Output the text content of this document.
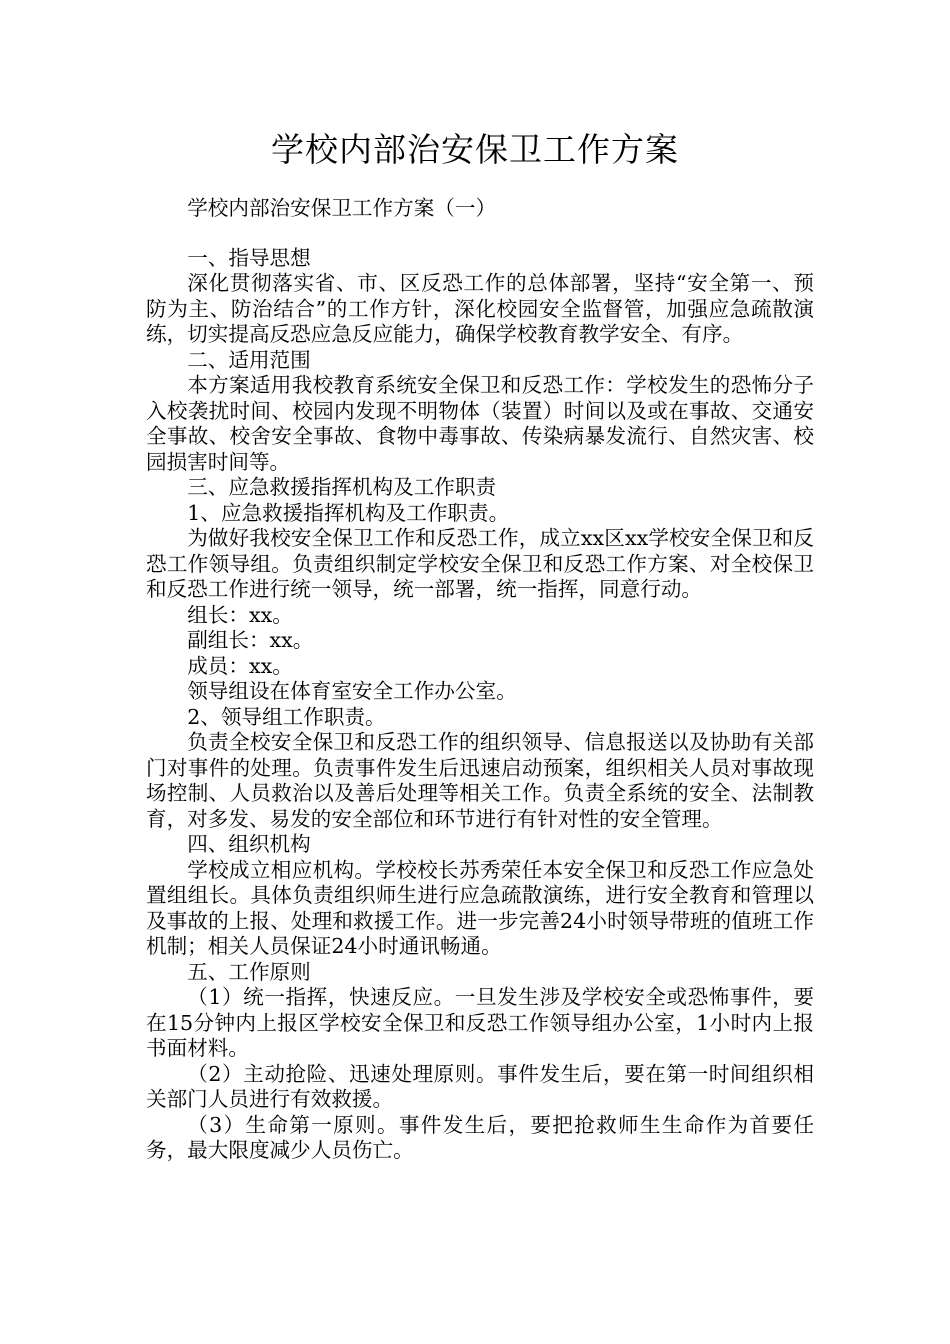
学校内部治安保卫工作方案

学校内部治安保卫工作方案（一）

一、指导思想

深化贯彻落实省、市、区反恐工作的总体部署，坚持“安全第一、预防为主、防治结合”的工作方针，深化校园安全监督管，加强应急疏散演练，切实提高反恐应急反应能力，确保学校教育教学安全、有序。

二、适用范围

本方案适用我校教育系统安全保卫和反恐工作：学校发生的恐怖分子入校袭扰时间、校园内发现不明物体（装置）时间以及或在事故、交通安全事故、校舍安全事故、食物中毒事故、传染病暴发流行、自然灾害、校园损害时间等。

三、应急救援指挥机构及工作职责

1、应急救援指挥机构及工作职责。

为做好我校安全保卫工作和反恐工作，成立xx区xx学校安全保卫和反恐工作领导组。负责组织制定学校安全保卫和反恐工作方案、对全校保卫和反恐工作进行统一领导，统一部署，统一指挥，同意行动。

组长：xx。

副组长：xx。

成员：xx。

领导组设在体育室安全工作办公室。

2、领导组工作职责。

负责全校安全保卫和反恐工作的组织领导、信息报送以及协助有关部门对事件的处理。负责事件发生后迅速启动预案，组织相关人员对事故现场控制、人员救治以及善后处理等相关工作。负责全系统的安全、法制教育，对多发、易发的安全部位和环节进行有针对性的安全管理。

四、组织机构

学校成立相应机构。学校校长苏秀荣任本安全保卫和反恐工作应急处置组组长。具体负责组织师生进行应急疏散演练，进行安全教育和管理以及事故的上报、处理和救援工作。进一步完善24小时领导带班的值班工作机制；相关人员保证24小时通讯畅通。

五、工作原则

（1）统一指挥，快速反应。一旦发生涉及学校安全或恐怖事件，要在15分钟内上报区学校安全保卫和反恐工作领导组办公室，1小时内上报书面材料。

（2）主动抢险、迅速处理原则。事件发生后，要在第一时间组织相关部门人员进行有效救援。

（3）生命第一原则。事件发生后，要把抢救师生生命作为首要任务，最大限度减少人员伤亡。
